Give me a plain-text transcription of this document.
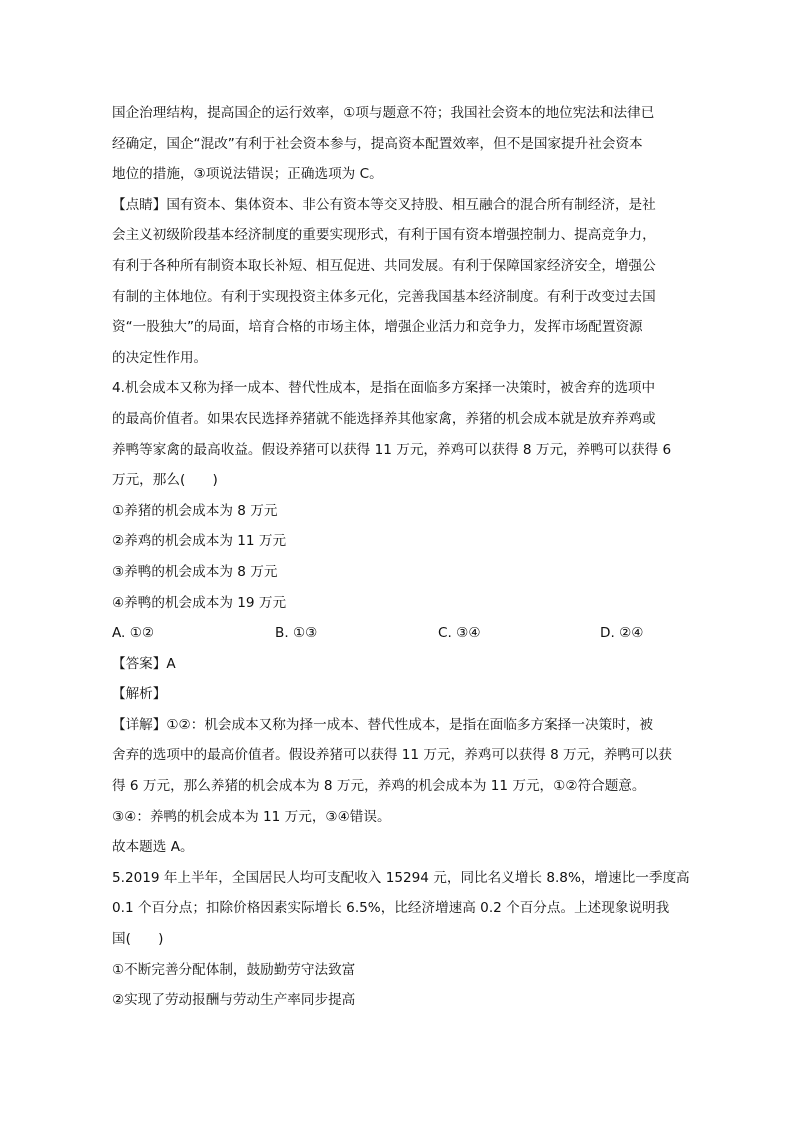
国企治理结构，提高国企的运行效率，①项与题意不符；我国社会资本的地位宪法和法律已
经确定，国企“混改”有利于社会资本参与，提高资本配置效率，但不是国家提升社会资本
地位的措施，③项说法错误；正确选项为 C。
【点睛】国有资本、集体资本、非公有资本等交叉持股、相互融合的混合所有制经济，是社
会主义初级阶段基本经济制度的重要实现形式，有利于国有资本增强控制力、提高竞争力，
有利于各种所有制资本取长补短、相互促进、共同发展。有利于保障国家经济安全，增强公
有制的主体地位。有利于实现投资主体多元化，完善我国基本经济制度。有利于改变过去国
资“一股独大”的局面，培育合格的市场主体，增强企业活力和竞争力，发挥市场配置资源
的决定性作用。
4.机会成本又称为择一成本、替代性成本，是指在面临多方案择一决策时，被舍弃的选项中
的最高价值者。如果农民选择养猪就不能选择养其他家禽，养猪的机会成本就是放弃养鸡或
养鸭等家禽的最高收益。假设养猪可以获得 11 万元，养鸡可以获得 8 万元，养鸭可以获得 6
万元，那么(　　)
①养猪的机会成本为 8 万元
②养鸡的机会成本为 11 万元
③养鸭的机会成本为 8 万元
④养鸭的机会成本为 19 万元
A. ①②	B. ①③	C. ③④	D. ②④
【答案】A
【解析】
【详解】①②：机会成本又称为择一成本、替代性成本，是指在面临多方案择一决策时，被
舍弃的选项中的最高价值者。假设养猪可以获得 11 万元，养鸡可以获得 8 万元，养鸭可以获
得 6 万元，那么养猪的机会成本为 8 万元，养鸡的机会成本为 11 万元，①②符合题意。
③④：养鸭的机会成本为 11 万元，③④错误。
故本题选 A。
5.2019 年上半年，全国居民人均可支配收入 15294 元，同比名义增长 8.8%，增速比一季度高
0.1 个百分点；扣除价格因素实际增长 6.5%，比经济增速高 0.2 个百分点。上述现象说明我
国(　　)
①不断完善分配体制，鼓励勤劳守法致富
②实现了劳动报酬与劳动生产率同步提高
